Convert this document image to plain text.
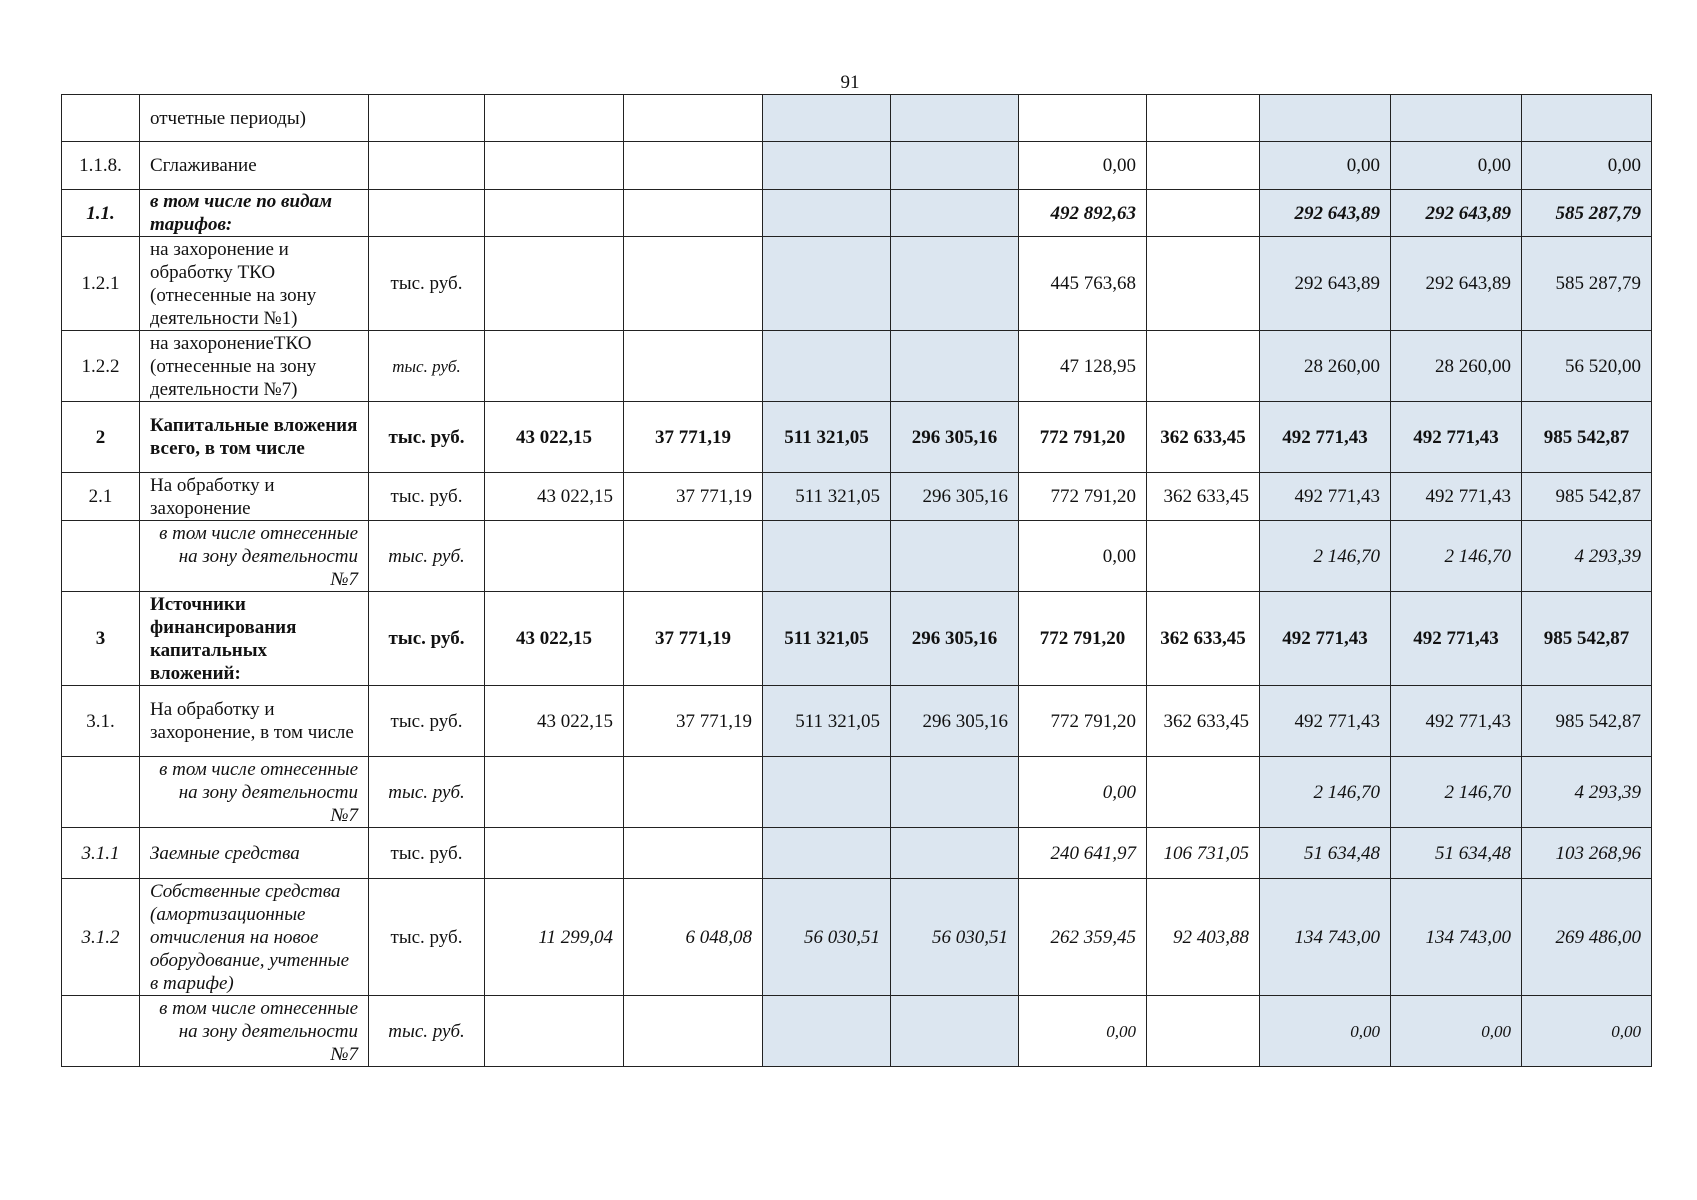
91
	отчетные периоды)										
1.1.8.	Сглаживание						0,00		0,00	0,00	0,00
1.1.	в том числе по видам тарифов:						492 892,63		292 643,89	292 643,89	585 287,79
1.2.1	на захоронение и обработку ТКО (отнесенные на зону деятельности №1)	тыс. руб.					445 763,68		292 643,89	292 643,89	585 287,79
1.2.2	на захоронениеТКО (отнесенные на зону деятельности №7)	тыс. руб.					47 128,95		28 260,00	28 260,00	56 520,00
2	Капитальные вложения всего, в том числе	тыс. руб.	43 022,15	37 771,19	511 321,05	296 305,16	772 791,20	362 633,45	492 771,43	492 771,43	985 542,87
2.1	На обработку и захоронение	тыс. руб.	43 022,15	37 771,19	511 321,05	296 305,16	772 791,20	362 633,45	492 771,43	492 771,43	985 542,87
	в том числе отнесенные на зону деятельности №7	тыс. руб.					0,00		2 146,70	2 146,70	4 293,39
3	Источники финансирования капитальных вложений:	тыс. руб.	43 022,15	37 771,19	511 321,05	296 305,16	772 791,20	362 633,45	492 771,43	492 771,43	985 542,87
3.1.	На обработку и захоронение, в том числе	тыс. руб.	43 022,15	37 771,19	511 321,05	296 305,16	772 791,20	362 633,45	492 771,43	492 771,43	985 542,87
	в том числе отнесенные на зону деятельности №7	тыс. руб.					0,00		2 146,70	2 146,70	4 293,39
3.1.1	Заемные средства	тыс. руб.					240 641,97	106 731,05	51 634,48	51 634,48	103 268,96
3.1.2	Собственные средства (амортизационные отчисления на новое оборудование, учтенные в тарифе)	тыс. руб.	11 299,04	6 048,08	56 030,51	56 030,51	262 359,45	92 403,88	134 743,00	134 743,00	269 486,00
	в том числе отнесенные на зону деятельности №7	тыс. руб.					0,00		0,00	0,00	0,00
